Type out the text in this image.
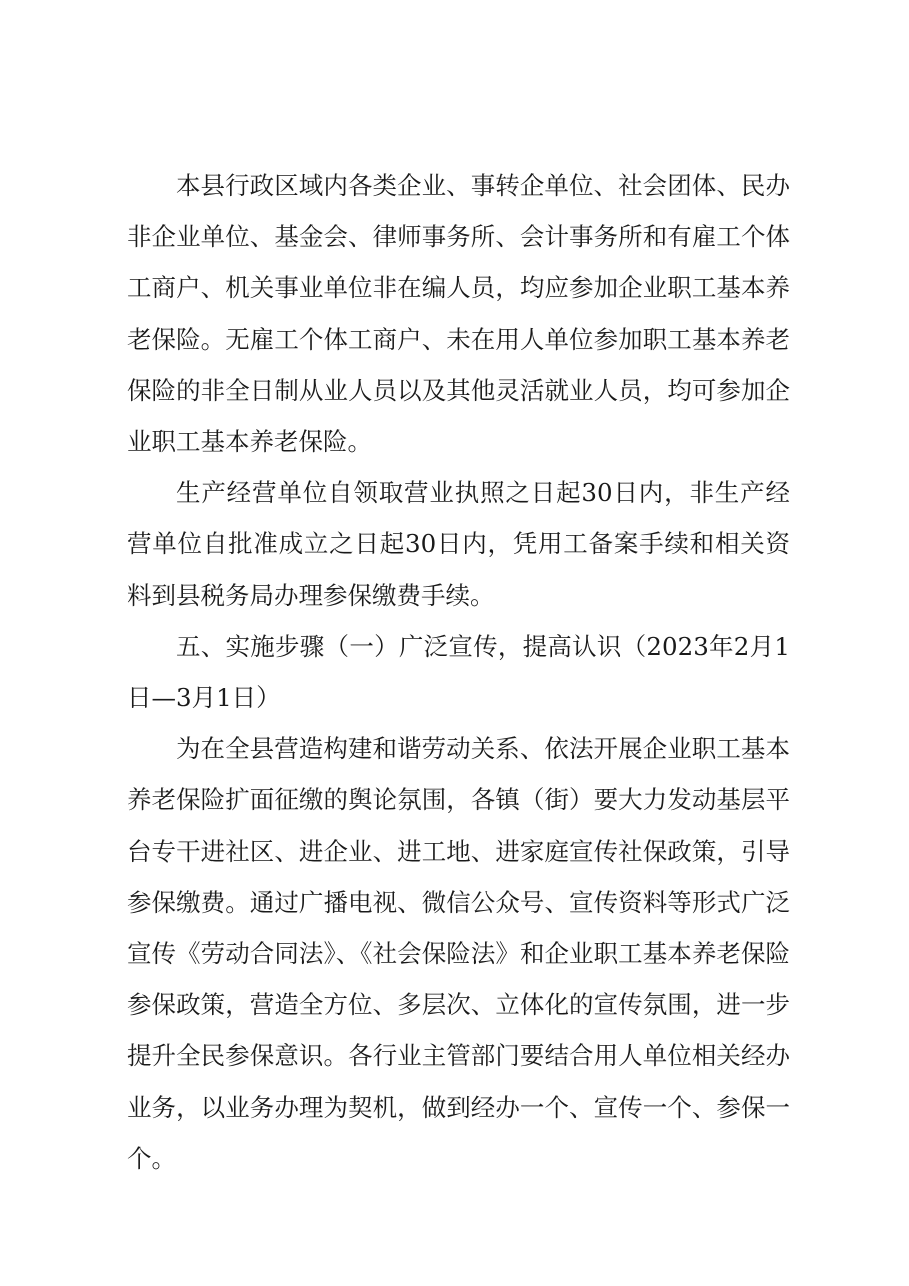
本县行政区域内各类企业、事转企单位、社会团体、民办非企业单位、基金会、律师事务所、会计事务所和有雇工个体工商户、机关事业单位非在编人员，均应参加企业职工基本养老保险。无雇工个体工商户、未在用人单位参加职工基本养老保险的非全日制从业人员以及其他灵活就业人员，均可参加企业职工基本养老保险。

生产经营单位自领取营业执照之日起30日内，非生产经营单位自批准成立之日起30日内，凭用工备案手续和相关资料到县税务局办理参保缴费手续。

五、实施步骤（一）广泛宣传，提高认识（2023年2月1日—3月1日）

为在全县营造构建和谐劳动关系、依法开展企业职工基本养老保险扩面征缴的舆论氛围，各镇（街）要大力发动基层平台专干进社区、进企业、进工地、进家庭宣传社保政策，引导参保缴费。通过广播电视、微信公众号、宣传资料等形式广泛宣传《劳动合同法》、《社会保险法》和企业职工基本养老保险参保政策，营造全方位、多层次、立体化的宣传氛围，进一步提升全民参保意识。各行业主管部门要结合用人单位相关经办业务，以业务办理为契机，做到经办一个、宣传一个、参保一个。
